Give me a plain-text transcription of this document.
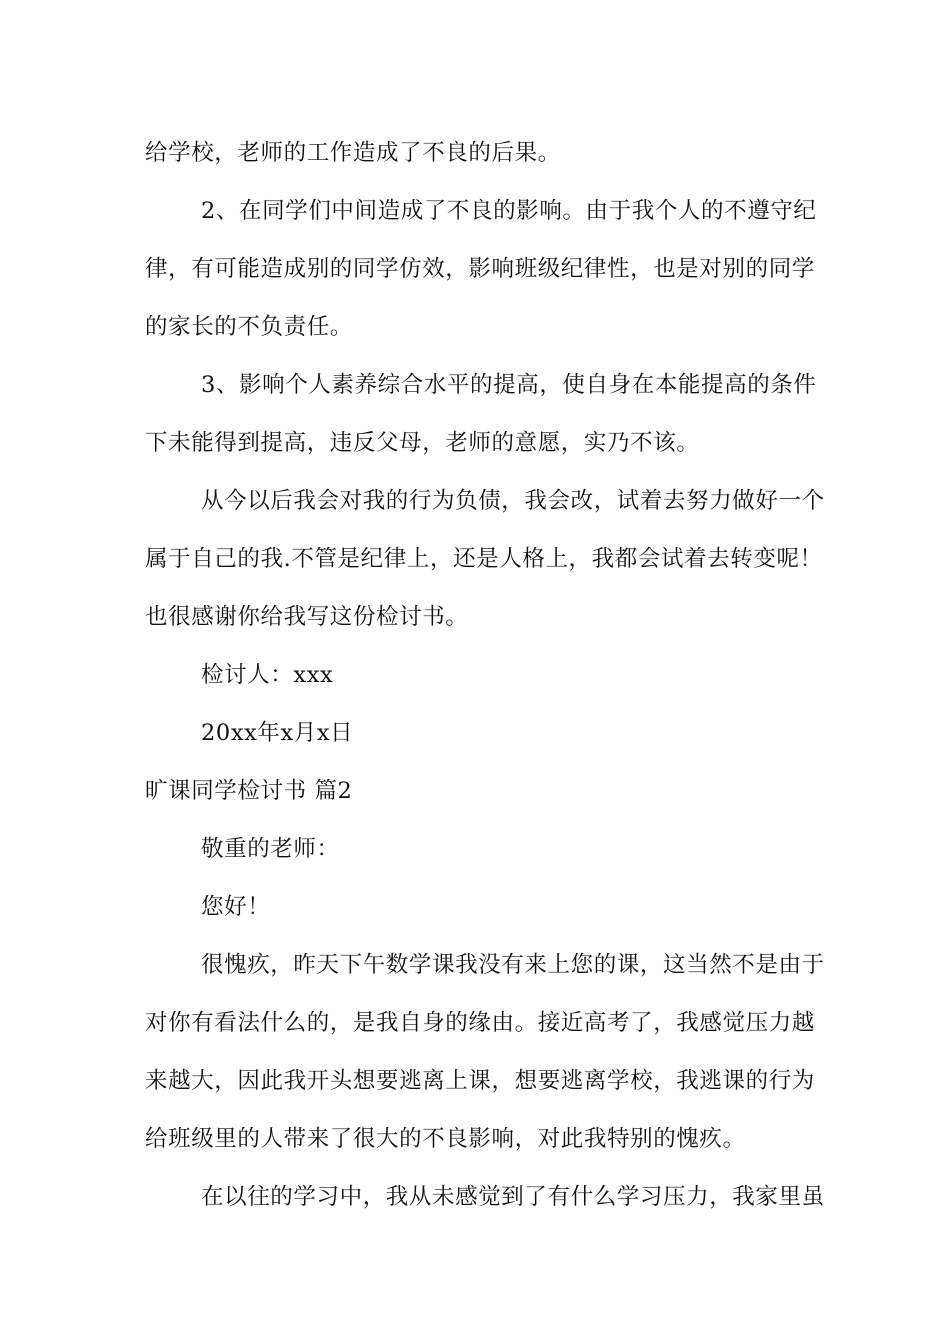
给学校，老师的工作造成了不良的后果。
2、在同学们中间造成了不良的影响。由于我个人的不遵守纪
律，有可能造成别的同学仿效，影响班级纪律性，也是对别的同学
的家长的不负责任。
3、影响个人素养综合水平的提高，使自身在本能提高的条件
下未能得到提高，违反父母，老师的意愿，实乃不该。
从今以后我会对我的行为负债，我会改，试着去努力做好一个
属于自己的我.不管是纪律上，还是人格上，我都会试着去转变呢！
也很感谢你给我写这份检讨书。
检讨人：xxx
20xx年x月x日
旷课同学检讨书 篇2
敬重的老师：
您好！
很愧疚，昨天下午数学课我没有来上您的课，这当然不是由于
对你有看法什么的，是我自身的缘由。接近高考了，我感觉压力越
来越大，因此我开头想要逃离上课，想要逃离学校，我逃课的行为
给班级里的人带来了很大的不良影响，对此我特别的愧疚。
在以往的学习中，我从未感觉到了有什么学习压力，我家里虽
